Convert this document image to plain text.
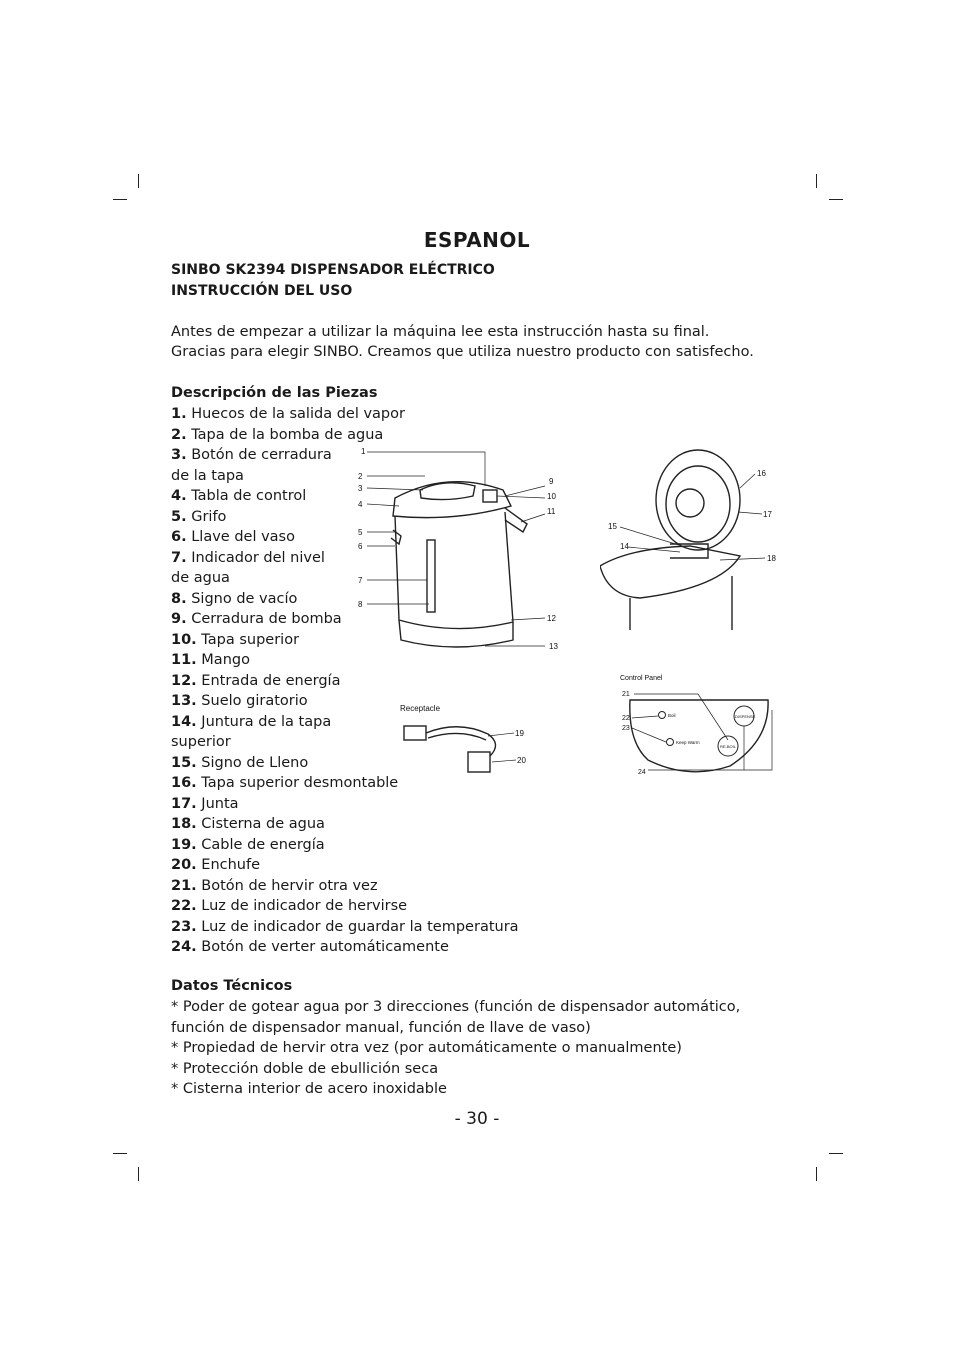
ESPANOL
SINBO SK2394 DISPENSADOR ELÉCTRICO
INSTRUCCIÓN DEL USO
Antes de empezar a utilizar la máquina lee esta instrucción hasta su final.
Gracias para elegir SINBO. Creamos que utiliza nuestro producto con satisfecho.
Descripción de las Piezas
1. Huecos de la salida del vapor
2. Tapa de la bomba de agua
3. Botón de cerradura de la tapa
4. Tabla de control
5. Grifo
6. Llave del vaso
7. Indicador del nivel de agua
8. Signo de vacío
9. Cerradura de bomba
10. Tapa superior
11. Mango
12. Entrada de energía
13. Suelo giratorio
14. Juntura de la tapa superior
15. Signo de Lleno
16. Tapa superior desmontable
17. Junta
18. Cisterna de agua
19. Cable de energía
20. Enchufe
21. Botón de hervir otra vez
22. Luz de indicador de hervirse
23. Luz de indicador de guardar la temperatura
24. Botón de verter automáticamente
Datos Técnicos
* Poder de gotear agua por 3 direcciones (función de dispensador automático, función de dispensador manual, función de llave de vaso)
* Propiedad de hervir otra vez (por automáticamente o manualmente)
* Protección doble de ebullición seca
* Cisterna interior de acero inoxidable
- 30 -
1
2
3
4
5
6
7
8
9
10
11
12
13
16
17
18
15
14
Receptacle
19
20
Control Panel
21
22
23
24
Boil
Keep Warm
DISPENSE
RE-BOIL
